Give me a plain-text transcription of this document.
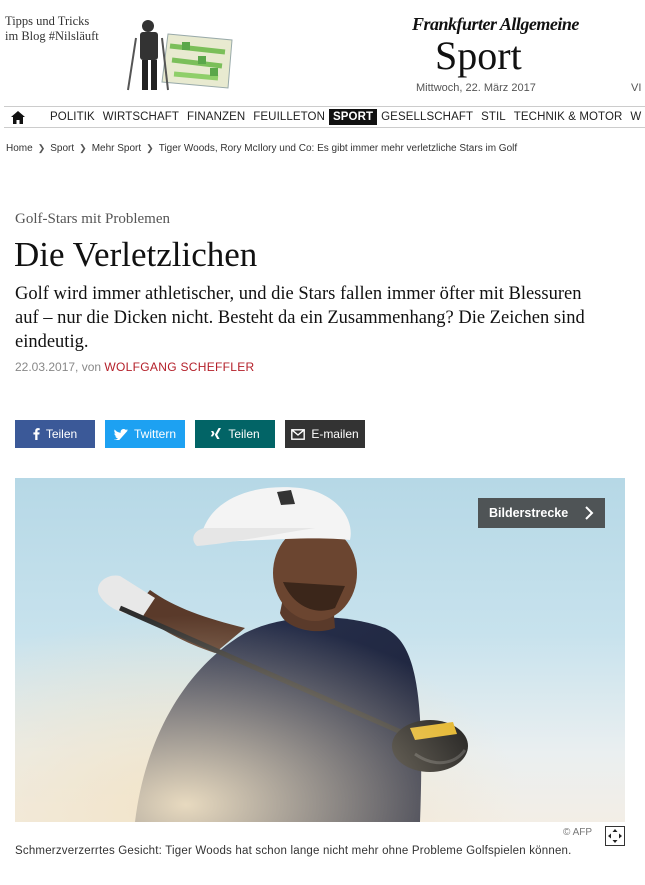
Tipps und Tricks
im Blog #Nilsläuft
Frankfurter Allgemeine
Sport
Mittwoch, 22. März 2017	VI
POLITIK WIRTSCHAFT FINANZEN FEUILLETON SPORT GESELLSCHAFT STIL TECHNIK & MOTOR W
Home ❯ Sport ❯ Mehr Sport ❯ Tiger Woods, Rory McIlory und Co: Es gibt immer mehr verletzliche Stars im Golf
Golf-Stars mit Problemen
Die Verletzlichen

Golf wird immer athletischer, und die Stars fallen immer öfter mit Blessuren auf – nur die Dicken nicht. Besteht da ein Zusammenhang? Die Zeichen sind eindeutig.

22.03.2017, von WOLFGANG SCHEFFLER
Teilen	Twittern	Teilen	E-mailen
Bilderstrecke
© AFP
Schmerzverzerrtes Gesicht: Tiger Woods hat schon lange nicht mehr ohne Probleme Golfspielen können.
